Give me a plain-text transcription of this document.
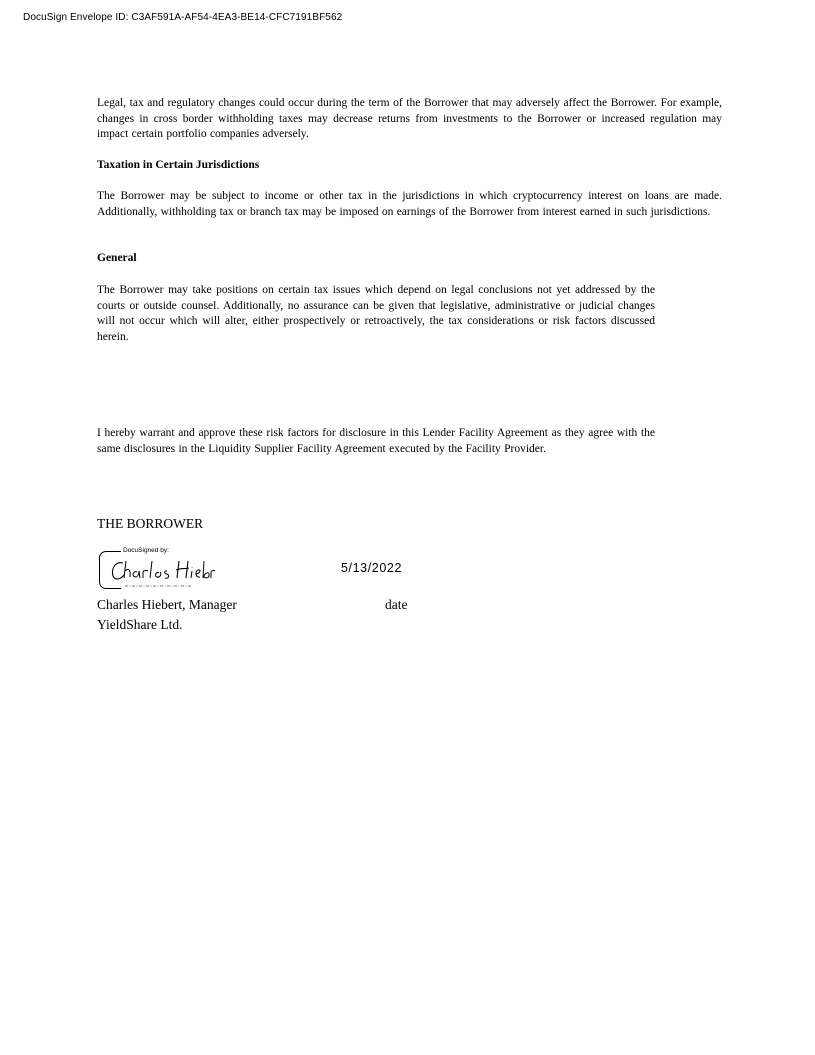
DocuSign Envelope ID: C3AF591A-AF54-4EA3-BE14-CFC7191BF562

Legal, tax and regulatory changes could occur during the term of the Borrower that may adversely affect the Borrower. For example, changes in cross border withholding taxes may decrease returns from investments to the Borrower or increased regulation may impact certain portfolio companies adversely.

Taxation in Certain Jurisdictions

The Borrower may be subject to income or other tax in the jurisdictions in which cryptocurrency interest on loans are made. Additionally, withholding tax or branch tax may be imposed on earnings of the Borrower from interest earned in such jurisdictions.

General

The Borrower may take positions on certain tax issues which depend on legal conclusions not yet addressed by the courts or outside counsel. Additionally, no assurance can be given that legislative, administrative or judicial changes will not occur which will alter, either prospectively or retroactively, the tax considerations or risk factors discussed herein.

I hereby warrant and approve these risk factors for disclosure in this Lender Facility Agreement as they agree with the same disclosures in the Liquidity Supplier Facility Agreement executed by the Facility Provider.

THE BORROWER
DocuSigned by:
5/13/2022
Charles Hiebert, Manager	date
YieldShare Ltd.
